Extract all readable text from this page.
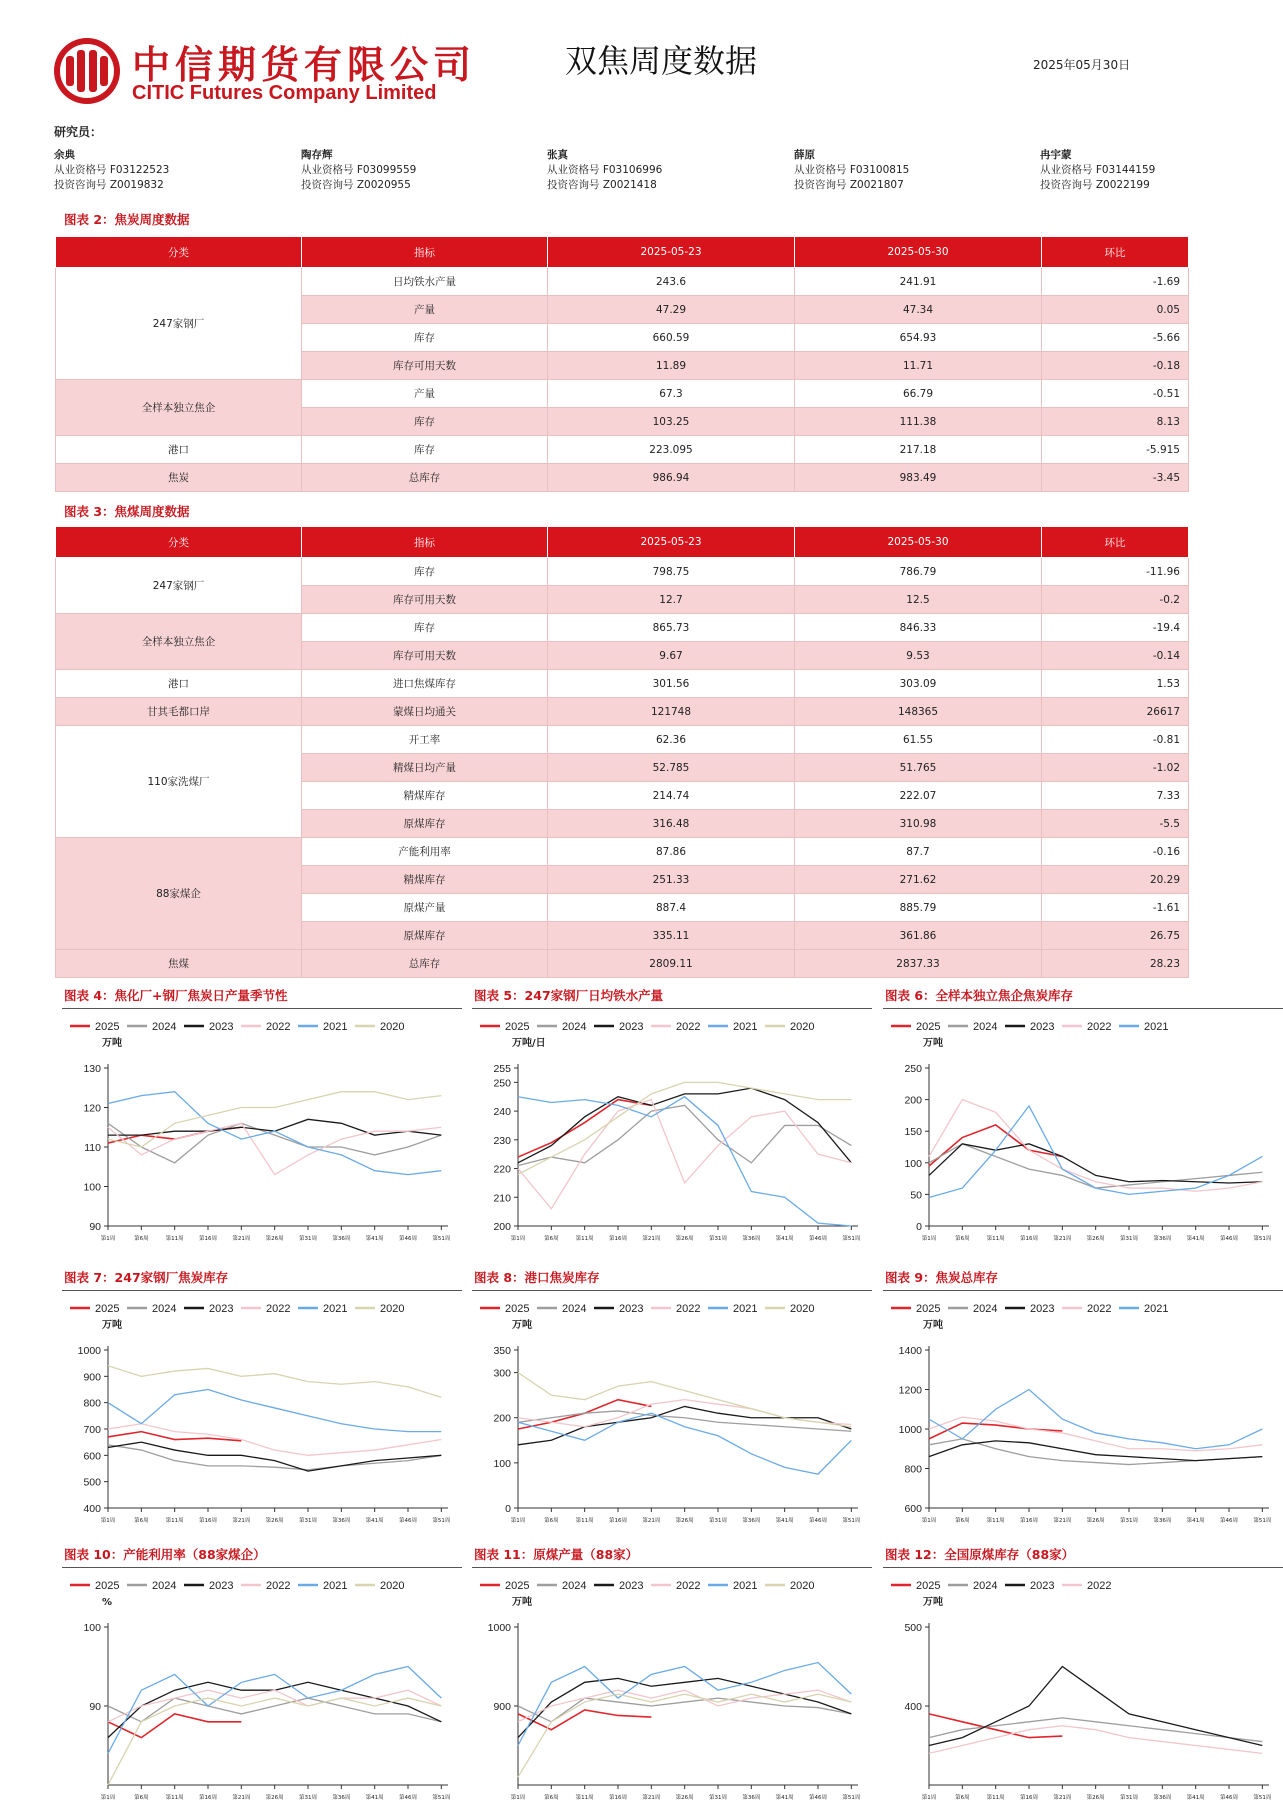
中信期货有限公司
CITIC Futures Company Limited
双焦周度数据	2025年05月30日
研究员：
余典
从业资格号 F03122523
投资咨询号 Z0019832
陶存辉
从业资格号 F03099559
投资咨询号 Z0020955
张真
从业资格号 F03106996
投资咨询号 Z0021418
薛原
从业资格号 F03100815
投资咨询号 Z0021807
冉宇蒙
从业资格号 F03144159
投资咨询号 Z0022199
图表 2：焦炭周度数据
分类	指标	2025-05-23	2025-05-30	环比
247家钢厂	日均铁水产量	243.6	241.91	-1.69
	产量	47.29	47.34	0.05
	库存	660.59	654.93	-5.66
	库存可用天数	11.89	11.71	-0.18
全样本独立焦企	产量	67.3	66.79	-0.51
	库存	103.25	111.38	8.13
港口	库存	223.095	217.18	-5.915
焦炭	总库存	986.94	983.49	-3.45
图表 3：焦煤周度数据
分类	指标	2025-05-23	2025-05-30	环比
247家钢厂	库存	798.75	786.79	-11.96
	库存可用天数	12.7	12.5	-0.2
全样本独立焦企	库存	865.73	846.33	-19.4
	库存可用天数	9.67	9.53	-0.14
港口	进口焦煤库存	301.56	303.09	1.53
甘其毛都口岸	蒙煤日均通关	121748	148365	26617
110家洗煤厂	开工率	62.36	61.55	-0.81
	精煤日均产量	52.785	51.765	-1.02
	精煤库存	214.74	222.07	7.33
	原煤库存	316.48	310.98	-5.5
88家煤企	产能利用率	87.86	87.7	-0.16
	精煤库存	251.33	271.62	20.29
	原煤产量	887.4	885.79	-1.61
	原煤库存	335.11	361.86	26.75
焦煤	总库存	2809.11	2837.33	28.23
图表 4：焦化厂+钢厂焦炭日产量季节性
2025	2024	2023	2022	2021	2020
万吨
90
100
110
120
130
第1周	第6周	第11周	第16周	第21周	第26周	第31周	第36周	第41周	第46周	第51周
图表 5：247家钢厂日均铁水产量
2025	2024	2023	2022	2021	2020
万吨/日
200
210
220
230
240
250
255
第1周	第6周	第11周	第16周	第21周	第26周	第31周	第36周	第41周	第46周	第51周
图表 6：全样本独立焦企焦炭库存
2025	2024	2023	2022	2021
万吨
0
50
100
150
200
250
第1周	第6周	第11周	第16周	第21周	第26周	第31周	第36周	第41周	第46周	第51周
图表 7：247家钢厂焦炭库存
2025	2024	2023	2022	2021	2020
万吨
400
500
600
700
800
900
1000
第1周	第6周	第11周	第16周	第21周	第26周	第31周	第36周	第41周	第46周	第51周
图表 8：港口焦炭库存
2025	2024	2023	2022	2021	2020
万吨
0
100
200
300
350
第1周	第6周	第11周	第16周	第21周	第26周	第31周	第36周	第41周	第46周	第51周
图表 9：焦炭总库存
2025	2024	2023	2022	2021
万吨
600
800
1000
1200
1400
第1周	第6周	第11周	第16周	第21周	第26周	第31周	第36周	第41周	第46周	第51周
图表 10：产能利用率（88家煤企）
2025	2024	2023	2022	2021	2020
%
90
100
第1周	第6周	第11周	第16周	第21周	第26周	第31周	第36周	第41周	第46周	第51周
图表 11：原煤产量（88家）
2025	2024	2023	2022	2021	2020
万吨
900
1000
第1周	第6周	第11周	第16周	第21周	第26周	第31周	第36周	第41周	第46周	第51周
图表 12：全国原煤库存（88家）
2025	2024	2023	2022
万吨
400
500
第1周	第6周	第11周	第16周	第21周	第26周	第31周	第36周	第41周	第46周	第51周
